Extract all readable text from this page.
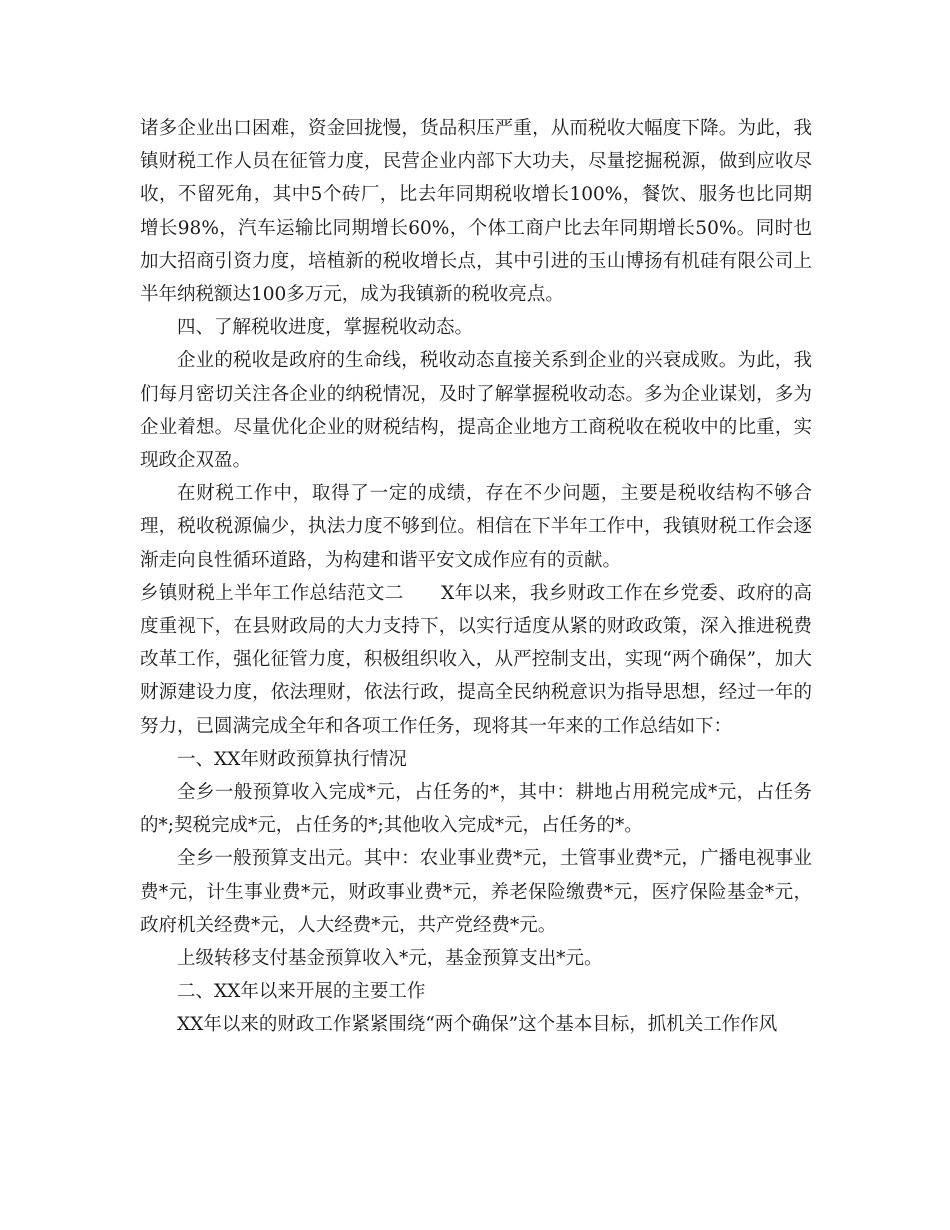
诸多企业出口困难，资金回拢慢，货品积压严重，从而税收大幅度下降。为此，我镇财税工作人员在征管力度，民营企业内部下大功夫，尽量挖掘税源，做到应收尽收，不留死角，其中5个砖厂，比去年同期税收增长100%，餐饮、服务也比同期增长98%，汽车运输比同期增长60%，个体工商户比去年同期增长50%。同时也加大招商引资力度，培植新的税收增长点，其中引进的玉山博扬有机硅有限公司上半年纳税额达100多万元，成为我镇新的税收亮点。

四、了解税收进度，掌握税收动态。

企业的税收是政府的生命线，税收动态直接关系到企业的兴衰成败。为此，我们每月密切关注各企业的纳税情况，及时了解掌握税收动态。多为企业谋划，多为企业着想。尽量优化企业的财税结构，提高企业地方工商税收在税收中的比重，实现政企双盈。

在财税工作中，取得了一定的成绩，存在不少问题，主要是税收结构不够合理，税收税源偏少，执法力度不够到位。相信在下半年工作中，我镇财税工作会逐渐走向良性循环道路，为构建和谐平安文成作应有的贡献。

乡镇财税上半年工作总结范文二　　X年以来，我乡财政工作在乡党委、政府的高度重视下，在县财政局的大力支持下，以实行适度从紧的财政政策，深入推进税费改革工作，强化征管力度，积极组织收入，从严控制支出，实现“两个确保”，加大财源建设力度，依法理财，依法行政，提高全民纳税意识为指导思想，经过一年的努力，已圆满完成全年和各项工作任务，现将其一年来的工作总结如下：

一、XX年财政预算执行情况

全乡一般预算收入完成*元，占任务的*，其中：耕地占用税完成*元，占任务的*;契税完成*元，占任务的*;其他收入完成*元，占任务的*。

全乡一般预算支出元。其中：农业事业费*元，土管事业费*元，广播电视事业费*元，计生事业费*元，财政事业费*元，养老保险缴费*元，医疗保险基金*元，政府机关经费*元，人大经费*元，共产党经费*元。

上级转移支付基金预算收入*元，基金预算支出*元。

二、XX年以来开展的主要工作

XX年以来的财政工作紧紧围绕“两个确保”这个基本目标，抓机关工作作风
